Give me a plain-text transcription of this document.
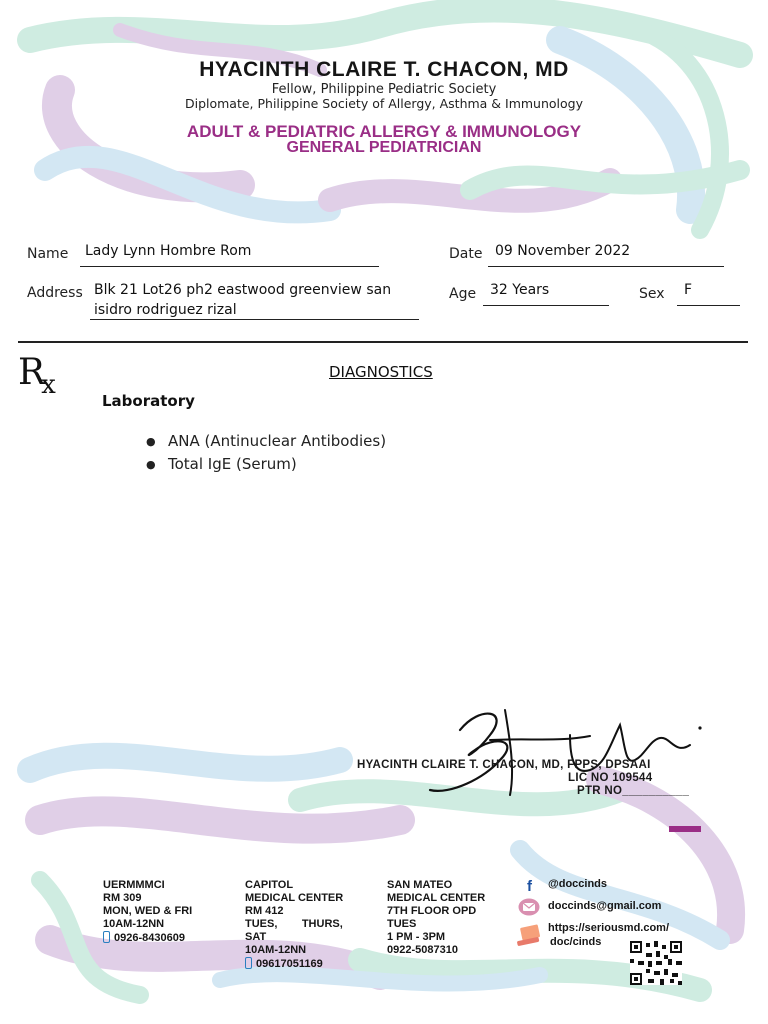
HYACINTH CLAIRE T. CHACON, MD
Fellow, Philippine Pediatric Society
Diplomate, Philippine Society of Allergy, Asthma & Immunology
ADULT & PEDIATRIC ALLERGY & IMMUNOLOGY
GENERAL PEDIATRICIAN
Name Lady Lynn Hombre Rom	Date 09 November 2022
Address Blk 21 Lot26 ph2 eastwood greenview san
isidro rodriguez rizal
Age 32 Years	Sex F
$R_x$	DIAGNOSTICS
Laboratory
● ANA (Antinuclear Antibodies)
● Total IgE (Serum)
HYACINTH CLAIRE T. CHACON, MD, FPPS, DPSAAI
LIC NO 109544
PTR NO__________
UERMMMCI
RM 309
MON, WED & FRI
10AM-12NN
0926-8430609
CAPITOL
MEDICAL CENTER
RM 412
TUES,        THURS,
SAT
10AM-12NN
09617051169
SAN MATEO
MEDICAL CENTER
7TH FLOOR OPD
TUES
1 PM - 3PM
0922-5087310
f @doccinds
doccinds@gmail.com
https://seriousmd.com/
doc/cinds
